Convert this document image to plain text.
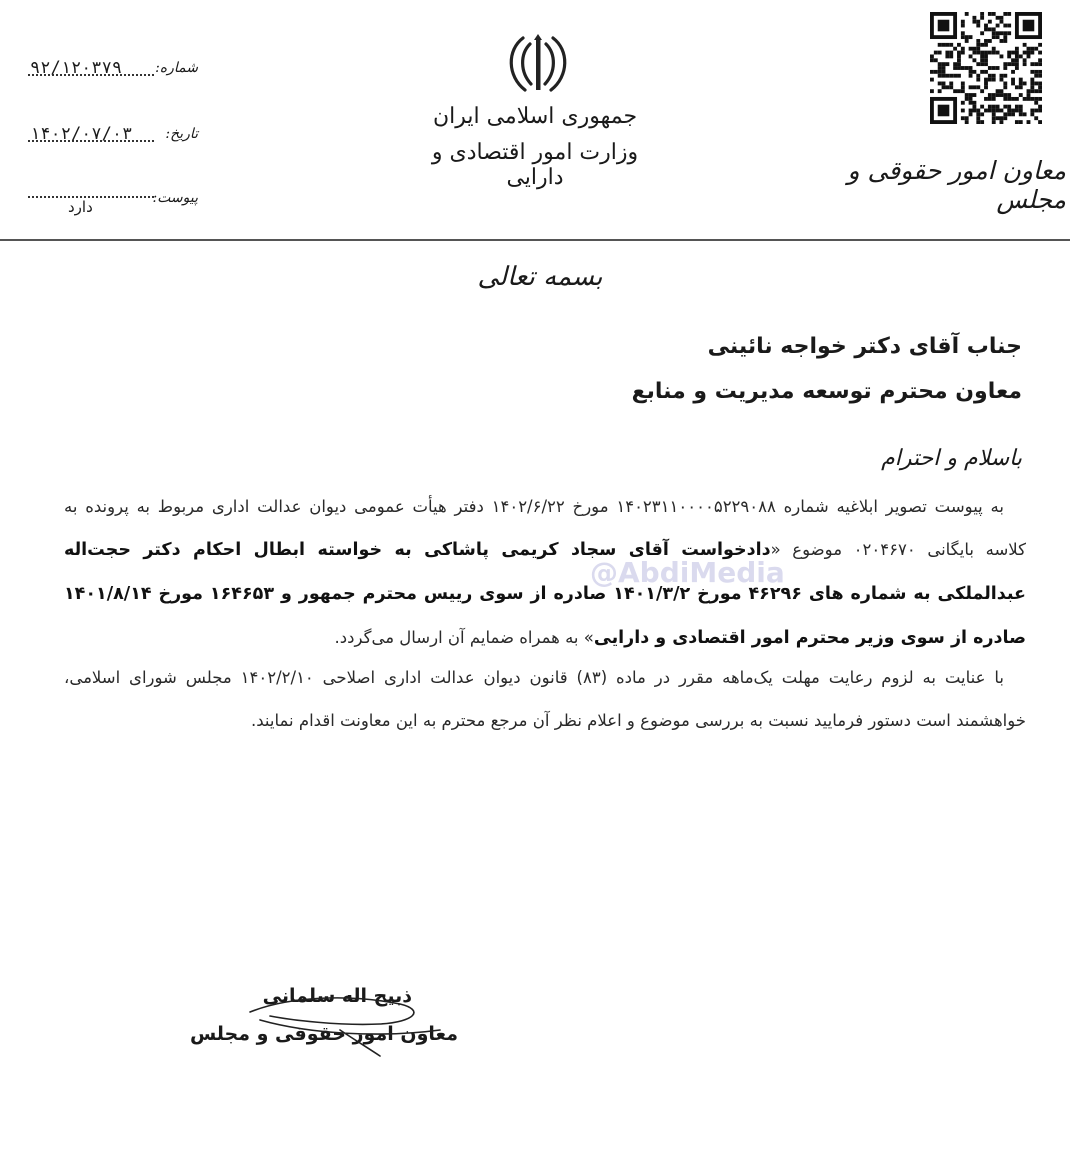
معاون امور حقوقی و مجلس
جمهوری اسلامی ایران
وزارت امور اقتصادی و دارایی
شماره:
۹۲/۱۲۰۳۷۹
تاریخ:
۱۴۰۲/۰۷/۰۳
پیوست:
دارد
بسمه تعالی
جناب آقای دکتر خواجه نائینی
معاون محترم توسعه مدیریت و منابع
باسلام و احترام
به پیوست تصویر ابلاغیه شماره ۱۴۰۲۳۱۱۰۰۰۰۵۲۲۹۰۸۸ مورخ ۱۴۰۲/۶/۲۲ دفتر هیأت عمومی دیوان عدالت اداری مربوط به پرونده به کلاسه بایگانی ۰۲۰۴۶۷۰ موضوع «دادخواست آقای سجاد کریمی پاشاکی به خواسته ابطال احکام دکتر حجت‌اله عبدالملکی به شماره های ۴۶۲۹۶ مورخ ۱۴۰۱/۳/۲ صادره از سوی رییس محترم جمهور و ۱۶۴۶۵۳ مورخ ۱۴۰۱/۸/۱۴ صادره از سوی وزیر محترم امور اقتصادی و دارایی» به همراه ضمایم آن ارسال می‌گردد.
با عنایت به لزوم رعایت مهلت یک‌ماهه مقرر در ماده (۸۳) قانون دیوان عدالت اداری اصلاحی ۱۴۰۲/۲/۱۰ مجلس شورای اسلامی، خواهشمند است دستور فرمایید نسبت به بررسی موضوع و اعلام نظر آن مرجع محترم به این معاونت اقدام نمایند.
@AbdiMedia
ذبیح اله سلمانی
معاون امور حقوقی و مجلس
